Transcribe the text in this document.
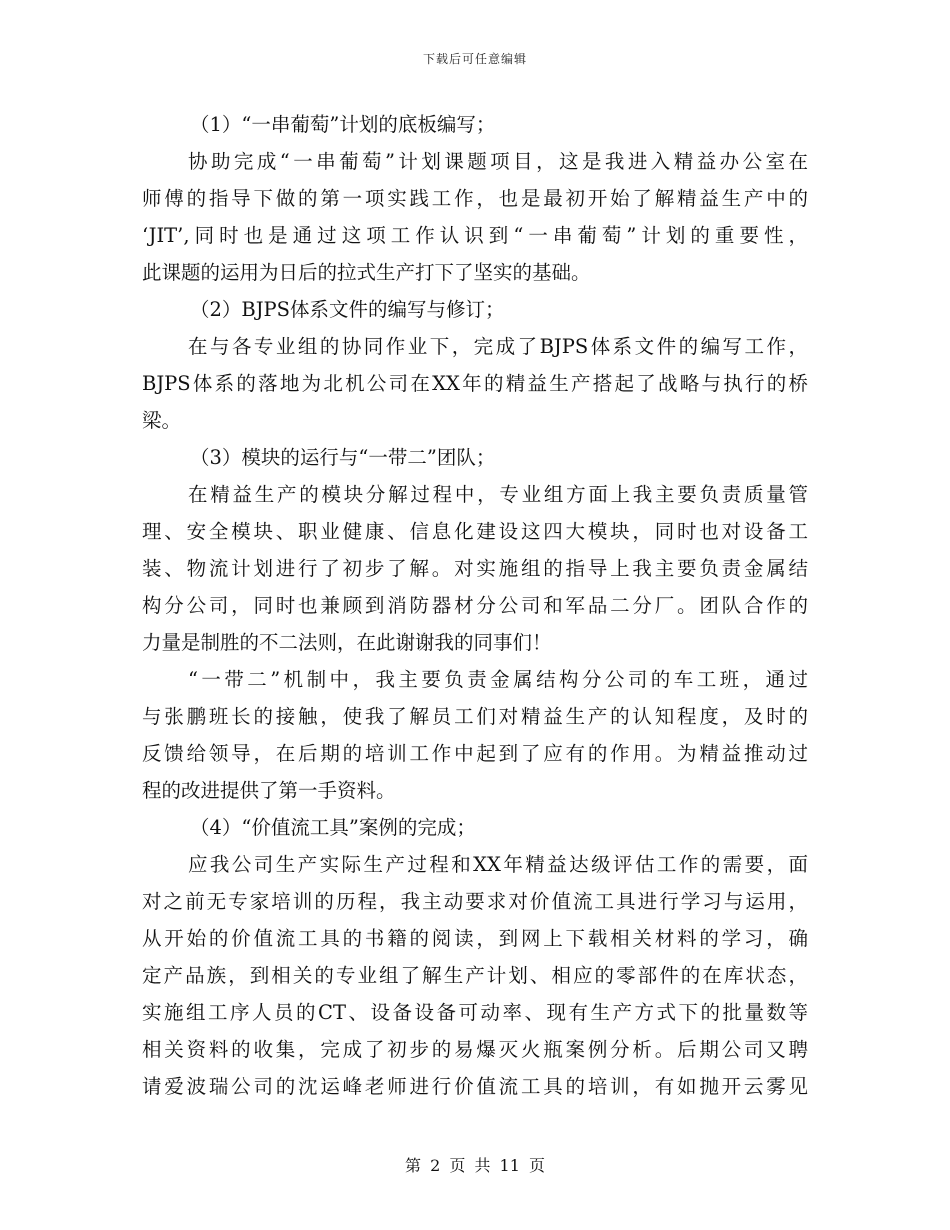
下载后可任意编辑
（1）“一串葡萄”计划的底板编写；
协助完成“一串葡萄”计划课题项目，这是我进入精益办公室在
师傅的指导下做的第一项实践工作，也是最初开始了解精益生产中的
‘JIT’,同时也是通过这项工作认识到“一串葡萄”计划的重要性，
此课题的运用为日后的拉式生产打下了坚实的基础。
（2）BJPS体系文件的编写与修订；
在与各专业组的协同作业下，完成了BJPS体系文件的编写工作，
BJPS体系的落地为北机公司在XX年的精益生产搭起了战略与执行的桥
梁。
（3）模块的运行与“一带二”团队；
在精益生产的模块分解过程中，专业组方面上我主要负责质量管
理、安全模块、职业健康、信息化建设这四大模块，同时也对设备工
装、物流计划进行了初步了解。对实施组的指导上我主要负责金属结
构分公司，同时也兼顾到消防器材分公司和军品二分厂。团队合作的
力量是制胜的不二法则，在此谢谢我的同事们！
“一带二”机制中，我主要负责金属结构分公司的车工班，通过
与张鹏班长的接触，使我了解员工们对精益生产的认知程度，及时的
反馈给领导，在后期的培训工作中起到了应有的作用。为精益推动过
程的改进提供了第一手资料。
（4）“价值流工具”案例的完成；
应我公司生产实际生产过程和XX年精益达级评估工作的需要，面
对之前无专家培训的历程，我主动要求对价值流工具进行学习与运用，
从开始的价值流工具的书籍的阅读，到网上下载相关材料的学习，确
定产品族，到相关的专业组了解生产计划、相应的零部件的在库状态，
实施组工序人员的CT、设备设备可动率、现有生产方式下的批量数等
相关资料的收集，完成了初步的易爆灭火瓶案例分析。后期公司又聘
请爱波瑞公司的沈运峰老师进行价值流工具的培训，有如抛开云雾见
第 2 页 共 11 页
